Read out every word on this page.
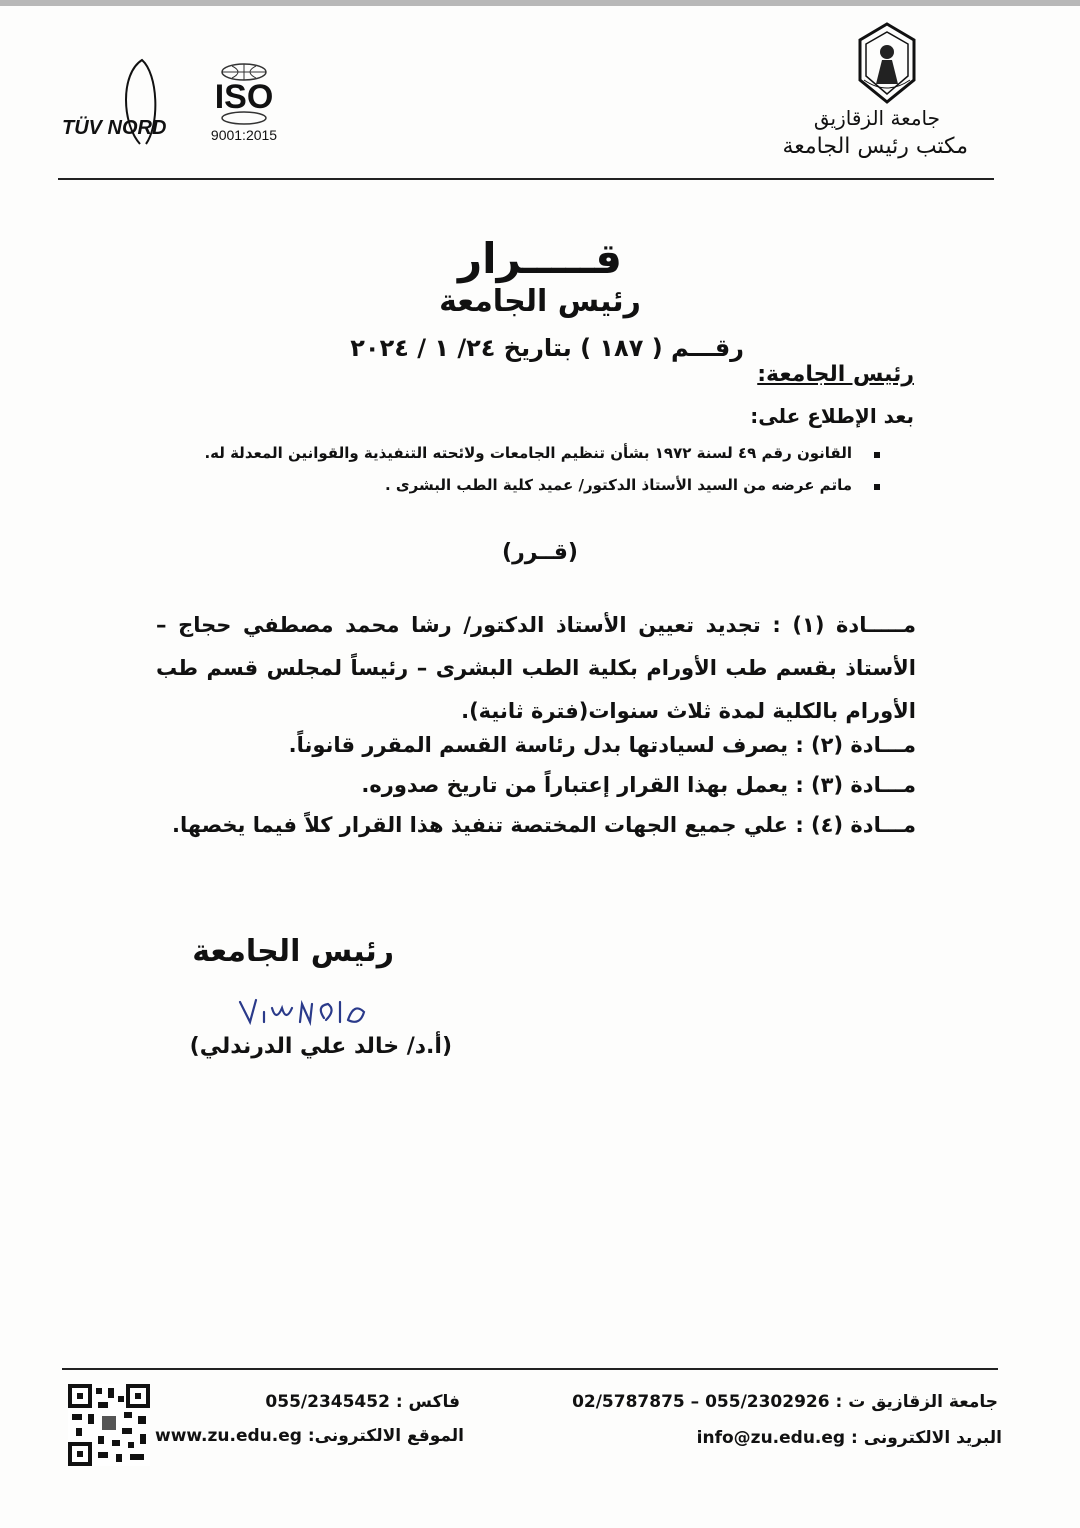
TÜV NORD
ISO
9001:2015
جامعة الزقازيق
مكتب رئيس الجامعة
قـــــرار
رئيس الجامعة
رقـــم ( ١٨٧ ) بتاريخ ٢٤/ ١ / ٢٠٢٤
رئيس الجامعة:
بعد الإطلاع على:
القانون رقم ٤٩ لسنة ١٩٧٢ بشأن تنظيم الجامعات ولائحته التنفيذية والقوانين المعدلة له.
ماتم عرضه من السيد الأستاذ الدكتور/ عميد كلية الطب البشرى .
(قــرر)
مـــــادة (١) : تجديد تعيين الأستاذ الدكتور/ رشا محمد مصطفي حجاج – الأستاذ بقسم طب الأورام بكلية الطب البشرى – رئيساً لمجلس قسم طب الأورام بالكلية لمدة ثلاث سنوات(فترة ثانية).
مـــادة (٢) : يصرف لسيادتها بدل رئاسة القسم المقرر قانوناً.
مـــادة (٣) : يعمل بهذا القرار إعتباراً من تاريخ صدوره.
مـــادة (٤) : علي جميع الجهات المختصة تنفيذ هذا القرار كلاً فيما يخصها.
رئيس الجامعة
(أ.د/ خالد علي الدرندلي)
جامعة الزقازيق ت : 055/2302926 – 02/5787875
البريد الالكترونى : info@zu.edu.eg
فاكس : 055/2345452
الموقع الالكترونى: www.zu.edu.eg
